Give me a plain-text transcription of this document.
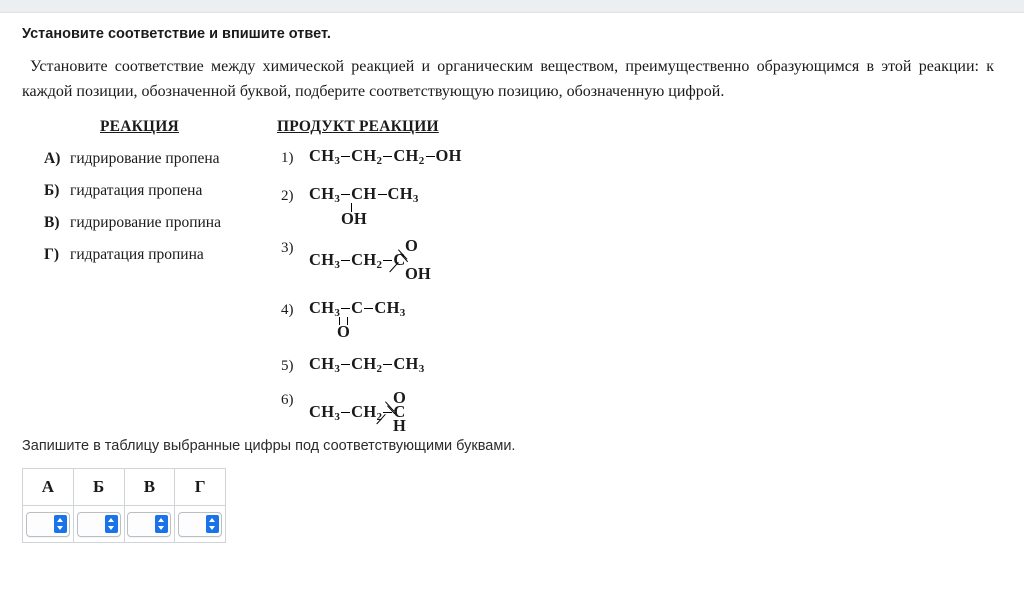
Установите соответствие и впишите ответ.
Установите соответствие между химической реакцией и органическим веществом, преимущественно образующимся в этой реакции: к каждой позиции, обозначенной буквой, подберите соответствующую позицию, обозначенную цифрой.
РЕАКЦИЯ	ПРОДУКТ РЕАКЦИИ
А) гидрирование пропена
Б) гидратация пропена
В) гидрирование пропина
Г) гидратация пропина
1) $CH_3$ $CH_2$ $CH_2$ OH
2) $CH_3$ CH $CH_3$
OH
3)
$CH_3$ $CH_2$ C
O
OH
4) $CH_3$ C $CH_3$
O
5) $CH_3$ $CH_2$ $CH_3$
6)
$CH_3$ $CH_2$ C
O
H
Запишите в таблицу выбранные цифры под соответствующими буквами.
А	Б	В	Г
